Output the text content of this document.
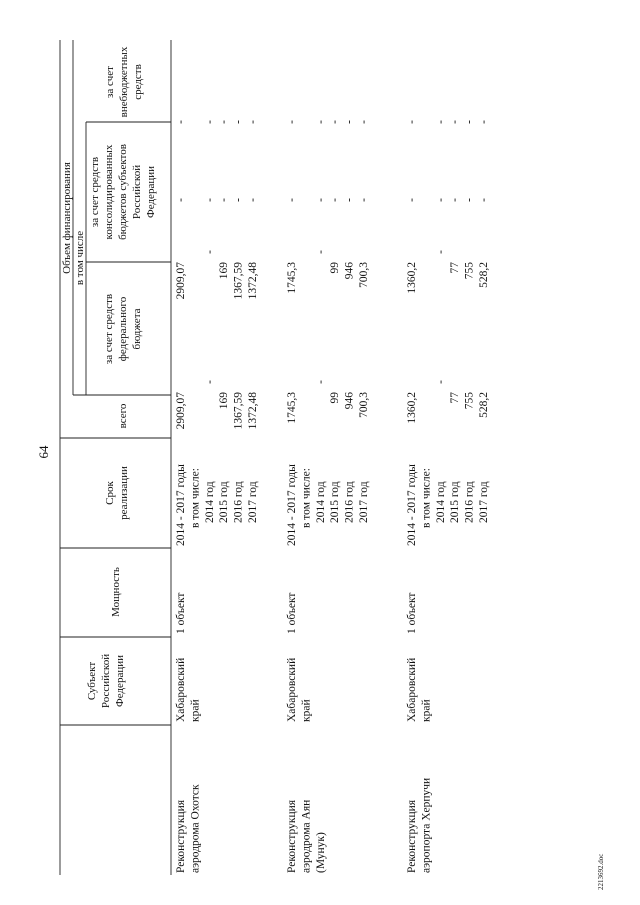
64
2213692.doc
Субъект Российской Федерации
Мощность
Срок реализации
Объем финансирования
всего
в том числе
за счет средств федерального бюджета
за счет средств консолидированных бюджетов субъектов Российской Федерации
за счет внебюджетных средств
Реконструкция аэродрома Охотск
Хабаровский край
1 объект
2014 - 2017 годы в том числе:
2909,07
2909,07
-
-
2014 год
-
-
-
-
2015 год
169
169
-
-
2016 год
1367,59
1367,59
-
-
2017 год
1372,48
1372,48
-
-
Реконструкция аэродрома Аян (Мунук)
Хабаровский край
1 объект
2014 - 2017 годы в том числе:
1745,3
1745,3
-
-
2014 год
-
-
-
-
2015 год
99
99
-
-
2016 год
946
946
-
-
2017 год
700,3
700,3
-
-
Реконструкция аэропорта Херпучи
Хабаровский край
1 объект
2014 - 2017 годы в том числе:
1360,2
1360,2
-
-
2014 год
-
-
-
-
2015 год
77
77
-
-
2016 год
755
755
-
-
2017 год
528,2
528,2
-
-
